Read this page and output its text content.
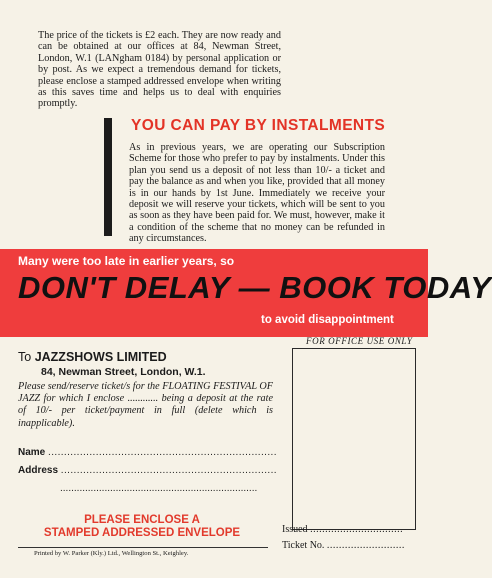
The price of the tickets is £2 each. They are now ready and can be obtained at our offices at 84, Newman Street, London, W.1 (LANgham 0184) by personal application or by post. As we expect a tremendous demand for tickets, please enclose a stamped addressed envelope when writing as this saves time and helps us to deal with enquiries promptly.
YOU CAN PAY BY INSTALMENTS
As in previous years, we are operating our Subscription Scheme for those who prefer to pay by instalments. Under this plan you send us a deposit of not less than 10/- a ticket and pay the balance as and when you like, provided that all money is in our hands by 1st June. Immediately we receive your deposit we will reserve your tickets, which will be sent to you as soon as they have been paid for. We must, however, make it a condition of the scheme that no money can be refunded in any circumstances.
Many were too late in earlier years, so
DON'T DELAY — BOOK TODAY
to avoid disappointment
FOR OFFICE USE ONLY
Issued ...............................
Ticket No. ..........................
To JAZZSHOWS LIMITED
84, Newman Street, London, W.1.
Please send/reserve ticket/s for the FLOATING FESTIVAL OF JAZZ for which I enclose ............ being a deposit at the rate of 10/- per ticket/payment in full (delete which is inapplicable).
Name ........................................................................
Address ....................................................................
.......................................................................
PLEASE ENCLOSE A
STAMPED ADDRESSED ENVELOPE
Printed by W. Parker (Kly.) Ltd., Wellington St., Keighley.
